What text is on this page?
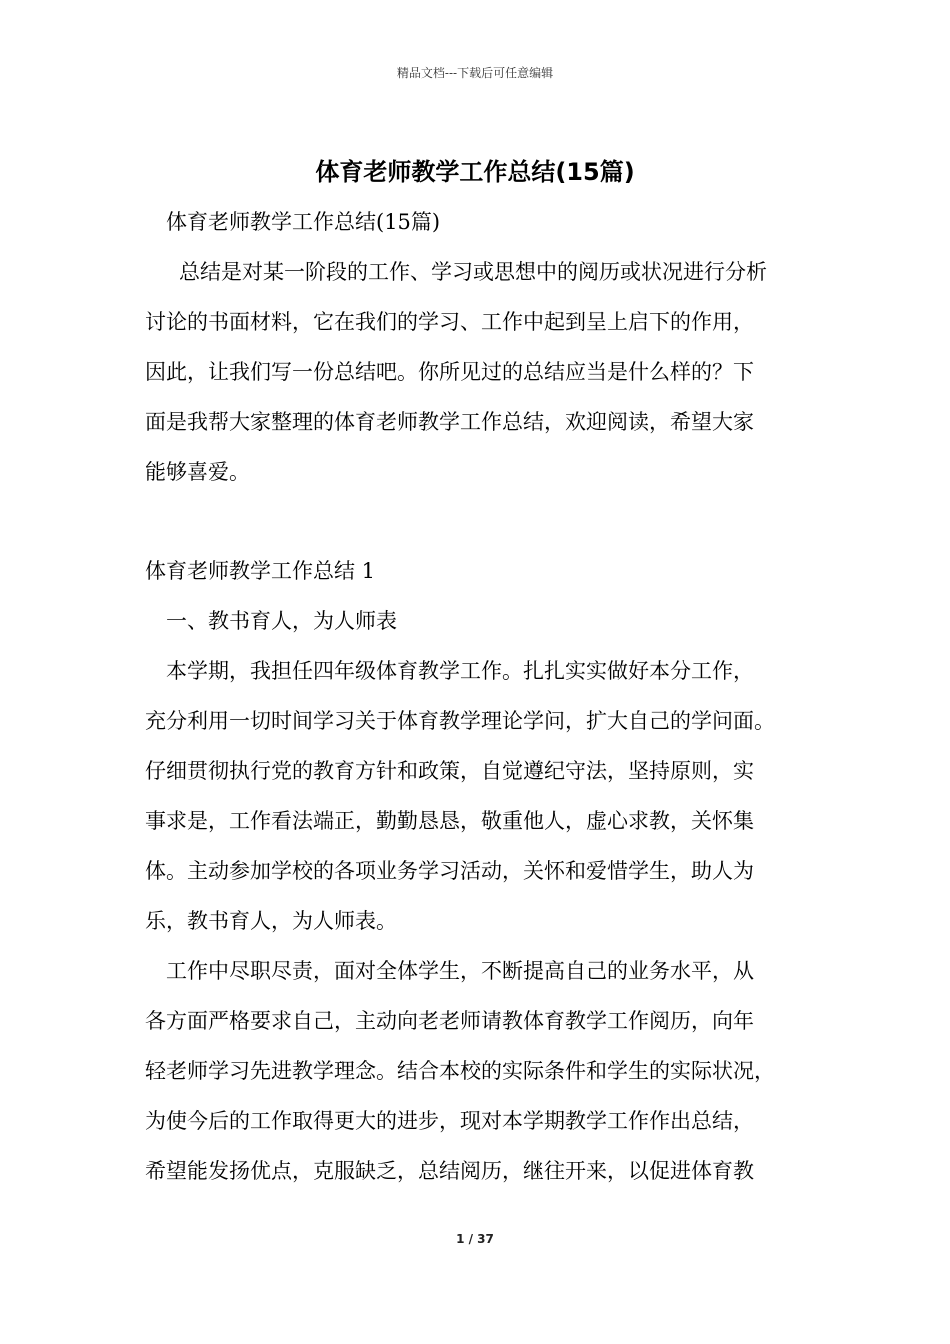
精品文档---下载后可任意编辑
体育老师教学工作总结(15篇)
体育老师教学工作总结(15篇)
总结是对某一阶段的工作、学习或思想中的阅历或状况进行分析
讨论的书面材料，它在我们的学习、工作中起到呈上启下的作用，
因此，让我们写一份总结吧。你所见过的总结应当是什么样的？下
面是我帮大家整理的体育老师教学工作总结，欢迎阅读，希望大家
能够喜爱。
体育老师教学工作总结 1
一、教书育人，为人师表
本学期，我担任四年级体育教学工作。扎扎实实做好本分工作，
充分利用一切时间学习关于体育教学理论学问，扩大自己的学问面。
仔细贯彻执行党的教育方针和政策，自觉遵纪守法，坚持原则，实
事求是，工作看法端正，勤勤恳恳，敬重他人，虚心求教，关怀集
体。主动参加学校的各项业务学习活动，关怀和爱惜学生，助人为
乐，教书育人，为人师表。
工作中尽职尽责，面对全体学生，不断提高自己的业务水平，从
各方面严格要求自己，主动向老老师请教体育教学工作阅历，向年
轻老师学习先进教学理念。结合本校的实际条件和学生的实际状况，
为使今后的工作取得更大的进步，现对本学期教学工作作出总结，
希望能发扬优点，克服缺乏，总结阅历，继往开来，以促进体育教
1 / 37
